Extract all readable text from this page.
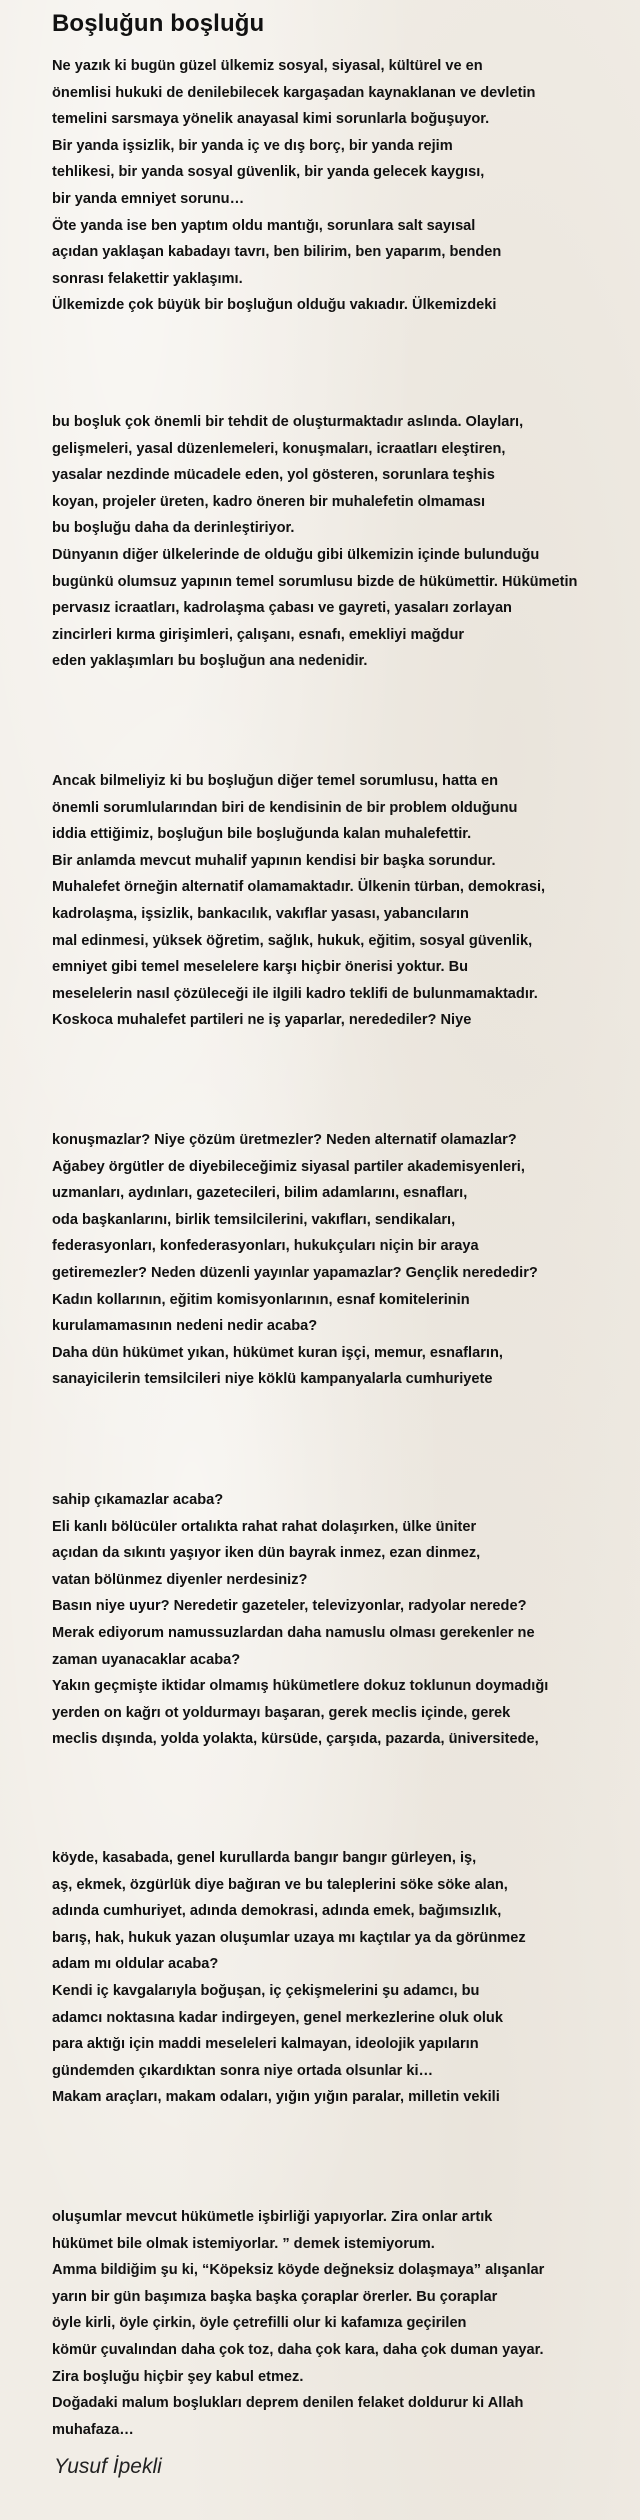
Boşluğun boşluğu
Ne yazık ki bugün güzel ülkemiz sosyal, siyasal, kültürel ve en
önemlisi hukuki de denilebilecek kargaşadan kaynaklanan ve devletin
temelini sarsmaya yönelik anayasal kimi sorunlarla boğuşuyor.
Bir yanda işsizlik, bir yanda iç ve dış borç, bir yanda rejim
tehlikesi, bir yanda sosyal güvenlik, bir yanda gelecek kaygısı,
bir yanda emniyet sorunu…
Öte yanda ise ben yaptım oldu mantığı, sorunlara salt sayısal
açıdan yaklaşan kabadayı tavrı, ben bilirim, ben yaparım, benden
sonrası felakettir yaklaşımı.
Ülkemizde çok büyük bir boşluğun olduğu vakıadır. Ülkemizdeki
bu boşluk çok önemli bir tehdit de oluşturmaktadır aslında. Olayları,
gelişmeleri, yasal düzenlemeleri, konuşmaları, icraatları eleştiren,
yasalar nezdinde mücadele eden, yol gösteren, sorunlara teşhis
koyan, projeler üreten, kadro öneren bir muhalefetin olmaması
bu boşluğu daha da derinleştiriyor.
Dünyanın diğer ülkelerinde de olduğu gibi ülkemizin içinde bulunduğu
bugünkü olumsuz yapının temel sorumlusu bizde de hükümettir. Hükümetin
pervasız icraatları, kadrolaşma çabası ve gayreti, yasaları zorlayan
zincirleri kırma girişimleri, çalışanı, esnafı, emekliyi mağdur
eden yaklaşımları bu boşluğun ana nedenidir.
Ancak bilmeliyiz ki bu boşluğun diğer temel sorumlusu, hatta en
önemli sorumlularından biri de kendisinin de bir problem olduğunu
iddia ettiğimiz, boşluğun bile boşluğunda kalan muhalefettir.
Bir anlamda mevcut muhalif yapının kendisi bir başka sorundur.
Muhalefet örneğin alternatif olamamaktadır. Ülkenin türban, demokrasi,
kadrolaşma, işsizlik, bankacılık, vakıflar yasası, yabancıların
mal edinmesi, yüksek öğretim, sağlık, hukuk, eğitim, sosyal güvenlik,
emniyet gibi temel meselelere karşı hiçbir önerisi yoktur. Bu
meselelerin nasıl çözüleceği ile ilgili kadro teklifi de bulunmamaktadır.
Koskoca muhalefet partileri ne iş yaparlar, neredediler? Niye
konuşmazlar? Niye çözüm üretmezler? Neden alternatif olamazlar?
Ağabey örgütler de diyebileceğimiz siyasal partiler akademisyenleri,
uzmanları, aydınları, gazetecileri, bilim adamlarını, esnafları,
oda başkanlarını, birlik temsilcilerini, vakıfları, sendikaları,
federasyonları, konfederasyonları, hukukçuları niçin bir araya
getiremezler? Neden düzenli yayınlar yapamazlar? Gençlik nerededir?
Kadın kollarının, eğitim komisyonlarının, esnaf komitelerinin
kurulamamasının nedeni nedir acaba?
Daha dün hükümet yıkan, hükümet kuran işçi, memur, esnafların,
sanayicilerin temsilcileri niye köklü kampanyalarla cumhuriyete
sahip çıkamazlar acaba?
Eli kanlı bölücüler ortalıkta rahat rahat dolaşırken, ülke üniter
açıdan da sıkıntı yaşıyor iken dün bayrak inmez, ezan dinmez,
vatan bölünmez diyenler nerdesiniz?
Basın niye uyur? Neredetir gazeteler, televizyonlar, radyolar nerede?
Merak ediyorum namussuzlardan daha namuslu olması gerekenler ne
zaman uyanacaklar acaba?
Yakın geçmişte iktidar olmamış hükümetlere dokuz toklunun doymadığı
yerden on kağrı ot yoldurmayı başaran, gerek meclis içinde, gerek
meclis dışında, yolda yolakta, kürsüde, çarşıda, pazarda, üniversitede,
köyde, kasabada, genel kurullarda bangır bangır gürleyen, iş,
aş, ekmek, özgürlük diye bağıran ve bu taleplerini söke söke alan,
adında cumhuriyet, adında demokrasi, adında emek, bağımsızlık,
barış, hak, hukuk yazan oluşumlar uzaya mı kaçtılar ya da görünmez
adam mı oldular acaba?
Kendi iç kavgalarıyla boğuşan, iç çekişmelerini şu adamcı, bu
adamcı noktasına kadar indirgeyen, genel merkezlerine oluk oluk
para aktığı için maddi meseleleri kalmayan, ideolojik yapıların
gündemden çıkardıktan sonra niye ortada olsunlar ki…
Makam araçları, makam odaları, yığın yığın paralar, milletin vekili
oluşumlar mevcut hükümetle işbirliği yapıyorlar. Zira onlar artık
hükümet bile olmak istemiyorlar. ” demek istemiyorum.
Amma bildiğim şu ki, “Köpeksiz köyde değneksiz dolaşmaya” alışanlar
yarın bir gün başımıza başka başka çoraplar örerler. Bu çoraplar
öyle kirli, öyle çirkin, öyle çetrefilli olur ki kafamıza geçirilen
kömür çuvalından daha çok toz, daha çok kara, daha çok duman yayar.
Zira boşluğu hiçbir şey kabul etmez.
Doğadaki malum boşlukları deprem denilen felaket doldurur ki Allah
muhafaza…
Yusuf İpekli
